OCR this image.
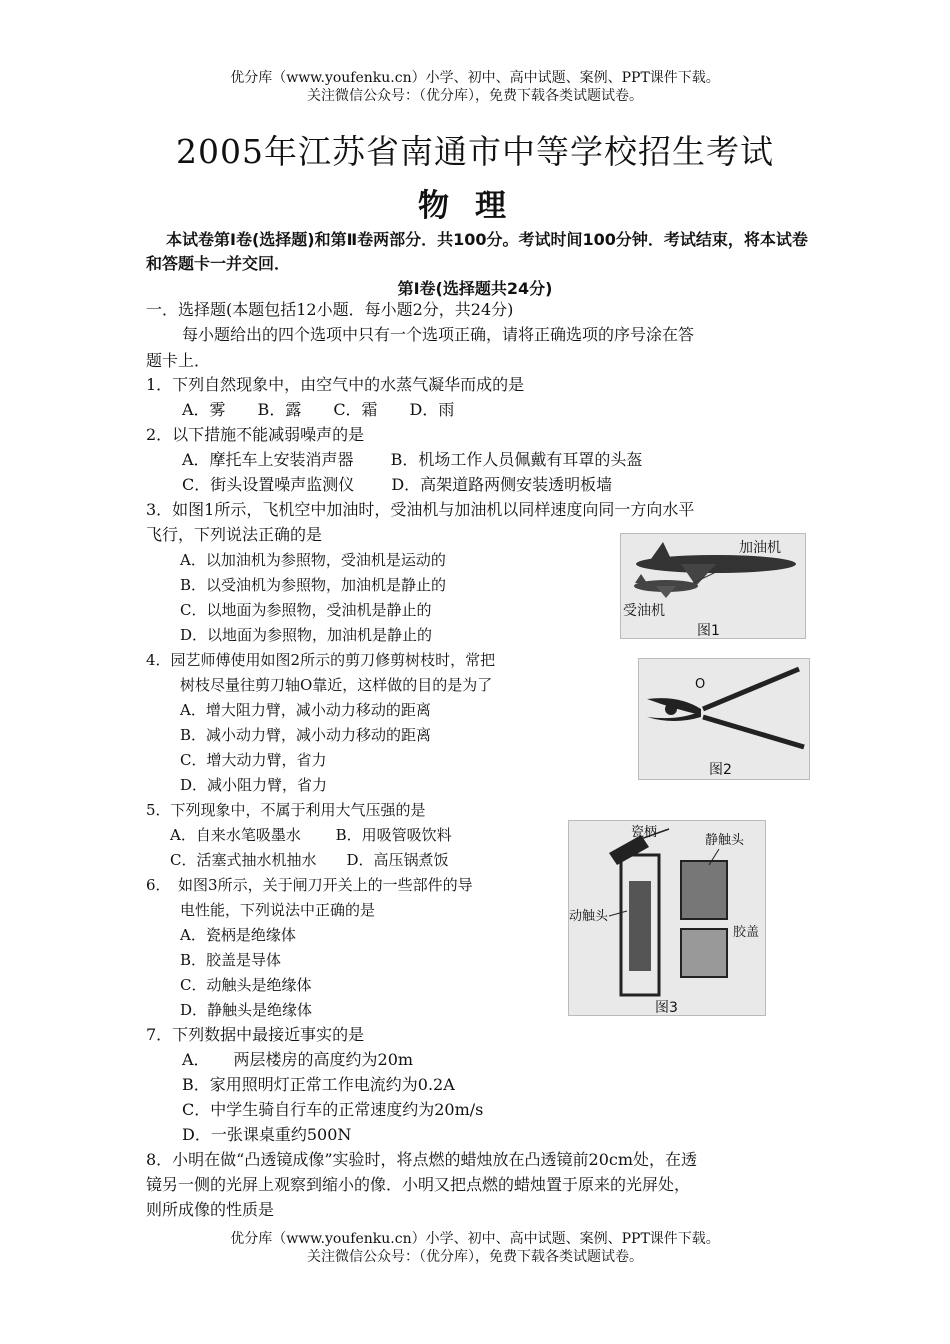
优分库（www.youfenku.cn）小学、初中、高中试题、案例、PPT课件下载。
关注微信公众号：（优分库），免费下载各类试题试卷。
2005年江苏省南通市中等学校招生考试
物理
本试卷第Ⅰ卷(选择题)和第Ⅱ卷两部分．共100分。考试时间100分钟．考试结束，将本试卷和答题卡一并交回．
第Ⅰ卷(选择题共24分)
一．选择题(本题包括12小题．每小题2分，共24分)
每小题给出的四个选项中只有一个选项正确，请将正确选项的序号涂在答
题卡上．
1．下列自然现象中，由空气中的水蒸气凝华而成的是
A．雾　　B．露　　C．霜　　D．雨
2．以下措施不能减弱噪声的是
A．摩托车上安装消声器　　 B．机场工作人员佩戴有耳罩的头盔
C．街头设置噪声监测仪　　 D．高架道路两侧安装透明板墙
3．如图1所示，飞机空中加油时，受油机与加油机以同样速度向同一方向水平
飞行，下列说法正确的是
A．以加油机为参照物，受油机是运动的
B．以受油机为参照物，加油机是静止的
C．以地面为参照物，受油机是静止的
D．以地面为参照物，加油机是静止的
加油机
受油机
图1
4．园艺师傅使用如图2所示的剪刀修剪树枝时，常把
树枝尽量往剪刀轴O靠近，这样做的目的是为了
A．增大阻力臂，减小动力移动的距离
B．减小动力臂，减小动力移动的距离
C．增大动力臂，省力
D．减小阻力臂，省力
O
图2
5．下列现象中，不属于利用大气压强的是
A．自来水笔吸墨水　　 B．用吸管吸饮料
C．活塞式抽水机抽水　　D．高压锅煮饭
6．　如图3所示，关于闸刀开关上的一些部件的导
电性能，下列说法中正确的是
A．瓷柄是绝缘体
B．胶盖是导体
C．动触头是绝缘体
D．静触头是绝缘体
瓷柄
静触头
动触头
胶盖
图3
7．下列数据中最接近事实的是
A．　　两层楼房的高度约为20m
B．家用照明灯正常工作电流约为0.2A
C．中学生骑自行车的正常速度约为20m/s
D．一张课桌重约500N
8．小明在做“凸透镜成像”实验时，将点燃的蜡烛放在凸透镜前20cm处，在透
镜另一侧的光屏上观察到缩小的像．小明又把点燃的蜡烛置于原来的光屏处，
则所成像的性质是
优分库（www.youfenku.cn）小学、初中、高中试题、案例、PPT课件下载。
关注微信公众号：（优分库），免费下载各类试题试卷。
